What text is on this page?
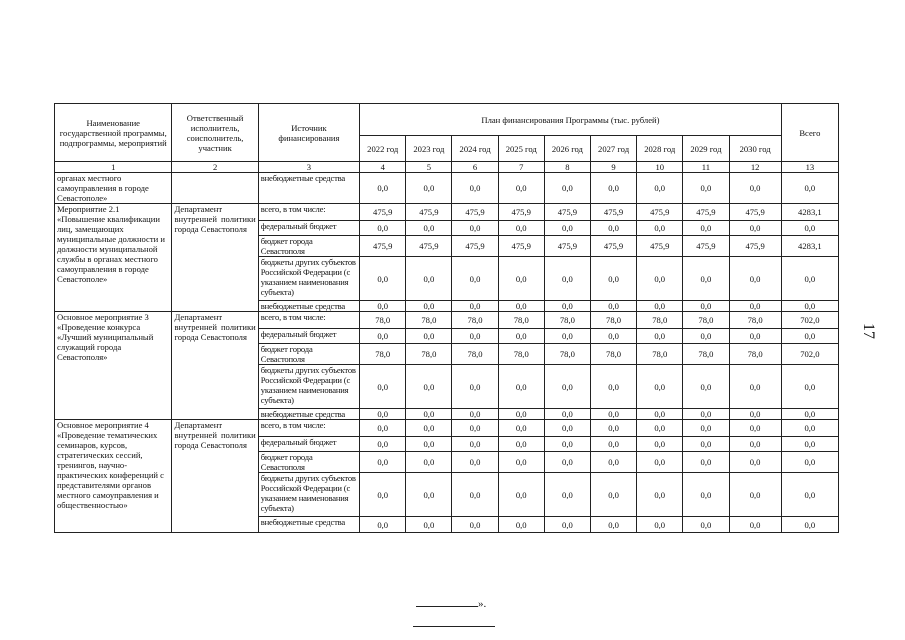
Наименование государственной программы, подпрограммы, мероприятий	Ответственный исполнитель, соисполнитель, участник	Источник финансирования	План финансирования Программы (тыс. рублей)									Всего
			2022 год	2023 год	2024 год	2025 год	2026 год	2027 год	2028 год	2029 год	2030 год	
1	2	3	4	5	6	7	8	9	10	11	12	13
органах местного самоуправления в городе Севастополе»		внебюджетные средства	0,0	0,0	0,0	0,0	0,0	0,0	0,0	0,0	0,0	0,0
Мероприятие 2.1 «Повышение квалификации лиц, замещающих муниципальные должности и должности муниципальной службы в органах местного самоуправления в городе Севастополе»	Департамент внутренней политики города Севастополя	всего, в том числе:	475,9	475,9	475,9	475,9	475,9	475,9	475,9	475,9	475,9	4283,1
		федеральный бюджет	0,0	0,0	0,0	0,0	0,0	0,0	0,0	0,0	0,0	0,0
		бюджет города Севастополя	475,9	475,9	475,9	475,9	475,9	475,9	475,9	475,9	475,9	4283,1
		бюджеты других субъектов Российской Федерации (с указанием наименования субъекта)	0,0	0,0	0,0	0,0	0,0	0,0	0,0	0,0	0,0	0,0
		внебюджетные средства	0,0	0,0	0,0	0,0	0,0	0,0	0,0	0,0	0,0	0,0
Основное мероприятие 3 «Проведение конкурса «Лучший муниципальный служащий города Севастополя»	Департамент внутренней политики города Севастополя	всего, в том числе:	78,0	78,0	78,0	78,0	78,0	78,0	78,0	78,0	78,0	702,0
		федеральный бюджет	0,0	0,0	0,0	0,0	0,0	0,0	0,0	0,0	0,0	0,0
		бюджет города Севастополя	78,0	78,0	78,0	78,0	78,0	78,0	78,0	78,0	78,0	702,0
		бюджеты других субъектов Российской Федерации (с указанием наименования субъекта)	0,0	0,0	0,0	0,0	0,0	0,0	0,0	0,0	0,0	0,0
		внебюджетные средства	0,0	0,0	0,0	0,0	0,0	0,0	0,0	0,0	0,0	0,0
Основное мероприятие 4 «Проведение тематических семинаров, курсов, стратегических сессий, тренингов, научно-практических конференций с представителями органов местного самоуправления и общественностью»	Департамент внутренней политики города Севастополя	всего, в том числе:	0,0	0,0	0,0	0,0	0,0	0,0	0,0	0,0	0,0	0,0
		федеральный бюджет	0,0	0,0	0,0	0,0	0,0	0,0	0,0	0,0	0,0	0,0
		бюджет города Севастополя	0,0	0,0	0,0	0,0	0,0	0,0	0,0	0,0	0,0	0,0
		бюджеты других субъектов Российской Федерации (с указанием наименования субъекта)	0,0	0,0	0,0	0,0	0,0	0,0	0,0	0,0	0,0	0,0
		внебюджетные средства	0,0	0,0	0,0	0,0	0,0	0,0	0,0	0,0	0,0	0,0
17
».
